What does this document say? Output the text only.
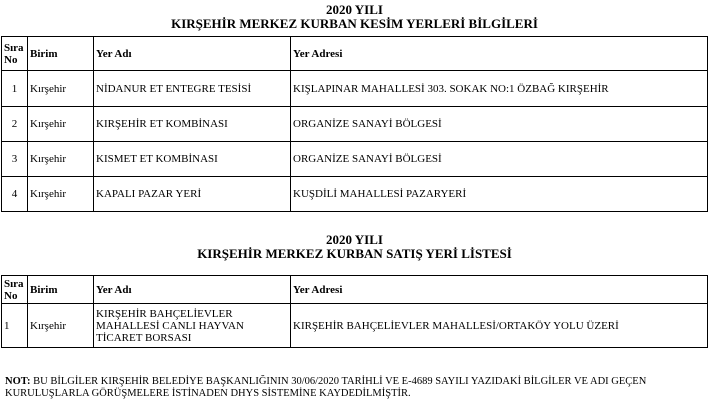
2020 YILI
KIRŞEHİR MERKEZ KURBAN KESİM YERLERİ BİLGİLERİ
Sıra No	Birim	Yer Adı	Yer Adresi
1	Kırşehir	NİDANUR ET ENTEGRE TESİSİ	KIŞLAPINAR MAHALLESİ 303. SOKAK NO:1 ÖZBAĞ KIRŞEHİR
2	Kırşehir	KIRŞEHİR ET KOMBİNASI	ORGANİZE SANAYİ BÖLGESİ
3	Kırşehir	KISMET ET KOMBİNASI	ORGANİZE SANAYİ BÖLGESİ
4	Kırşehir	KAPALI PAZAR YERİ	KUŞDİLİ MAHALLESİ PAZARYERİ
2020 YILI
KIRŞEHİR MERKEZ KURBAN SATIŞ YERİ LİSTESİ
Sıra No	Birim	Yer Adı	Yer Adresi
1	Kırşehir	KIRŞEHİR BAHÇELİEVLER MAHALLESİ CANLI HAYVAN TİCARET BORSASI	KIRŞEHİR BAHÇELİEVLER MAHALLESİ/ORTAKÖY YOLU ÜZERİ
NOT: BU BİLGİLER KIRŞEHİR BELEDİYE BAŞKANLIĞININ 30/06/2020 TARİHLİ VE E-4689 SAYILI YAZIDAKİ BİLGİLER VE ADI GEÇEN KURULUŞLARLA GÖRÜŞMELERE İSTİNADEN DHYS SİSTEMİNE KAYDEDİLMİŞTİR.
